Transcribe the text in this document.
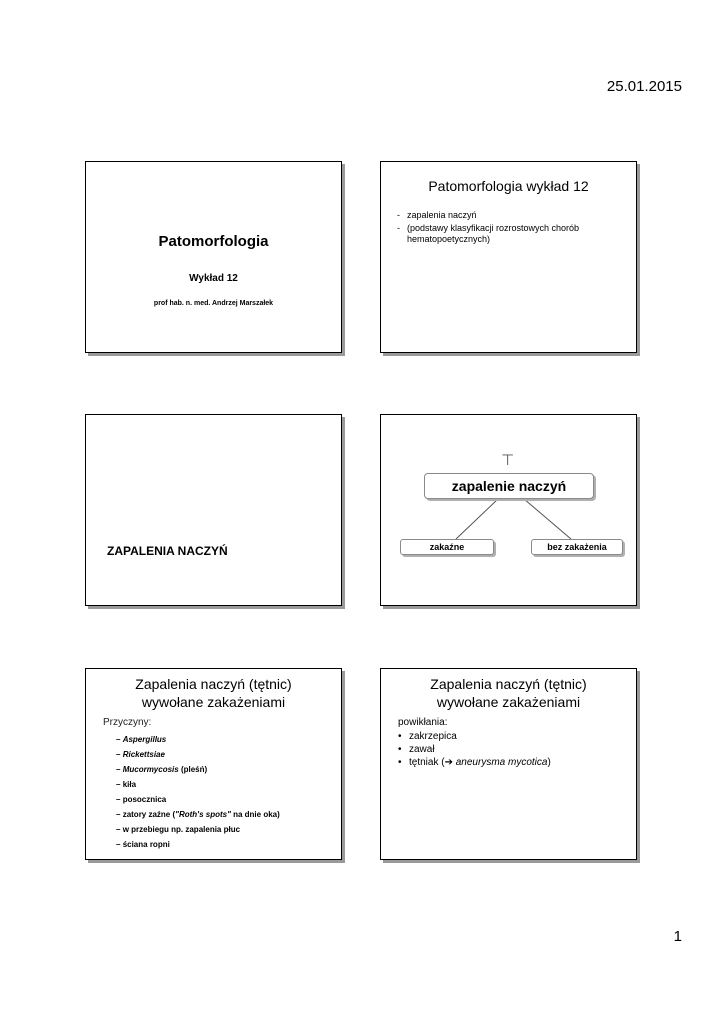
25.01.2015
Patomorfologia
Wykład 12
prof hab. n. med. Andrzej Marszałek
Patomorfologia wykład 12
- zapalenia naczyń
- (podstawy klasyfikacji rozrostowych chorób hematopoetycznych)
ZAPALENIA NACZYŃ
⊤
zapalenie naczyń
zakaźne	bez zakażenia
Zapalenia naczyń (tętnic)
wywołane zakażeniami
Przyczyny:
– Aspergillus
– Rickettsiae
– Mucormycosis (pleśń)
– kiła
– posocznica
– zatory zaźne ("Roth's spots" na dnie oka)
– w przebiegu np. zapalenia płuc
– ściana ropni
Zapalenia naczyń (tętnic)
wywołane zakażeniami
powikłania:
• zakrzepica
• zawał
• tętniak (➔ aneurysma mycotica)
1
